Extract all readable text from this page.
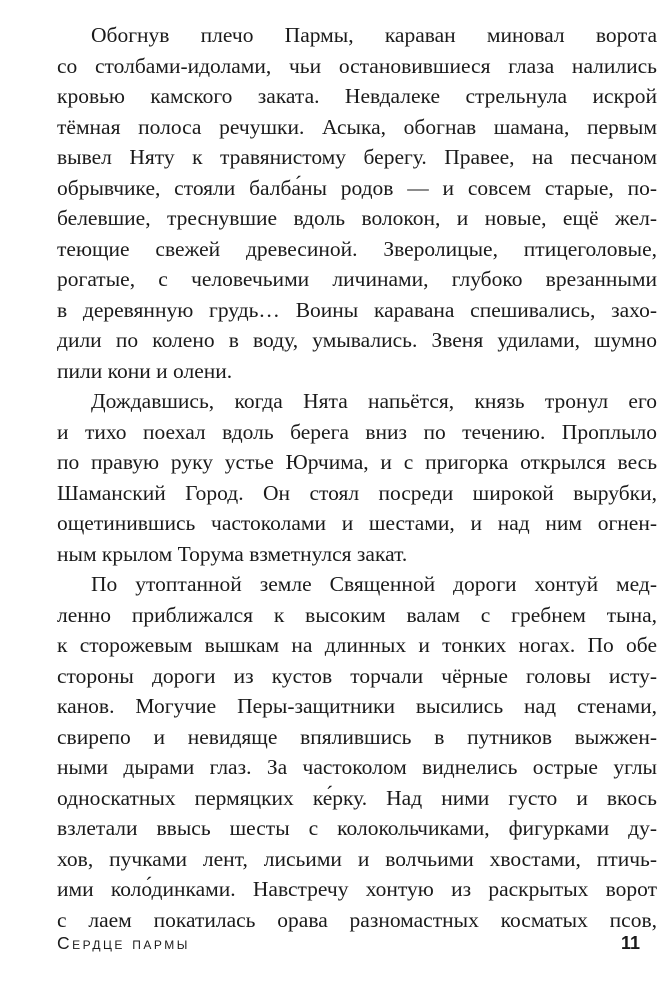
Обогнув плечо Пармы, караван миновал ворота
со столбами-идолами, чьи остановившиеся глаза налились
кровью камского заката. Невдалеке стрельнула искрой
тёмная полоса речушки. Асыка, обогнав шамана, первым
вывел Няту к травянистому берегу. Правее, на песчаном
обрывчике, стояли балба́ны родов — и совсем старые, по-
белевшие, треснувшие вдоль волокон, и новые, ещё жел-
теющие свежей древесиной. Зверолицые, птицеголовые,
рогатые, с человечьими личинами, глубоко врезанными
в деревянную грудь… Воины каравана спешивались, захо-
дили по колено в воду, умывались. Звеня удилами, шумно
пили кони и олени.
Дождавшись, когда Нята напьётся, князь тронул его
и тихо поехал вдоль берега вниз по течению. Проплыло
по правую руку устье Юрчима, и с пригорка открылся весь
Шаманский Город. Он стоял посреди широкой вырубки,
ощетинившись частоколами и шестами, и над ним огнен-
ным крылом Торума взметнулся закат.
По утоптанной земле Священной дороги хонтуй мед-
ленно приближался к высоким валам с гребнем тына,
к сторожевым вышкам на длинных и тонких ногах. По обе
стороны дороги из кустов торчали чёрные головы исту-
канов. Могучие Перы-защитники высились над стенами,
свирепо и невидяще впялившись в путников выжжен-
ными дырами глаз. За частоколом виднелись острые углы
односкатных пермяцких ке́рку. Над ними густо и вкось
взлетали ввысь шесты с колокольчиками, фигурками ду-
хов, пучками лент, лисьими и волчьими хвостами, птичь-
ими коло́динками. Навстречу хонтую из раскрытых ворот
с лаем покатилась орава разномастных косматых псов,
Сердце пармы	11
